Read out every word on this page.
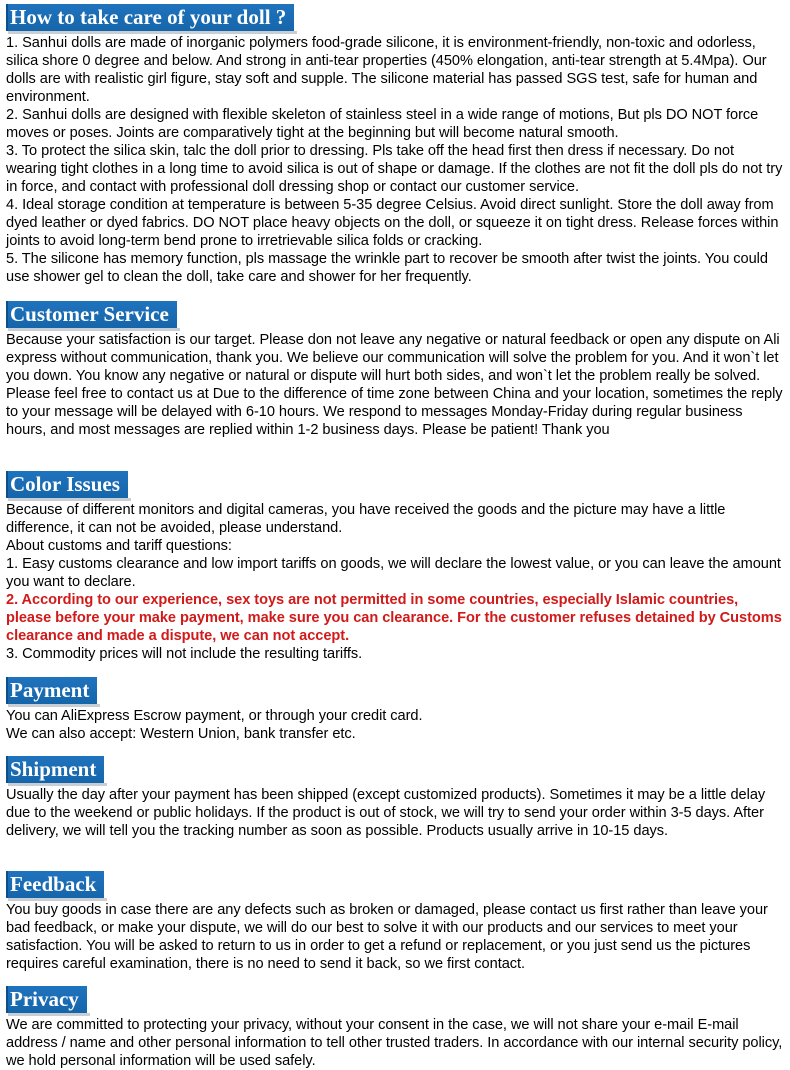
How to take care of your doll ?

1. Sanhui dolls are made of inorganic polymers food-grade silicone, it is environment-friendly, non-toxic and odorless, silica shore 0 degree and below. And strong in anti-tear properties (450% elongation, anti-tear strength at 5.4Mpa). Our dolls are with realistic girl figure, stay soft and supple. The silicone material has passed SGS test, safe for human and environment.

2. Sanhui dolls are designed with flexible skeleton of stainless steel in a wide range of motions, But pls DO NOT force moves or poses. Joints are comparatively tight at the beginning but will become natural smooth.

3. To protect the silica skin, talc the doll prior to dressing. Pls take off the head first then dress if necessary. Do not wearing tight clothes in a long time to avoid silica is out of shape or damage. If the clothes are not fit the doll pls do not try in force, and contact with professional doll dressing shop or contact our customer service.

4. Ideal storage condition at temperature is between 5-35 degree Celsius. Avoid direct sunlight. Store the doll away from dyed leather or dyed fabrics. DO NOT place heavy objects on the doll, or squeeze it on tight dress. Release forces within joints to avoid long-term bend prone to irretrievable silica folds or cracking.

5. The silicone has memory function, pls massage the wrinkle part to recover be smooth after twist the joints. You could use shower gel to clean the doll, take care and shower for her frequently.

Customer Service

Because your satisfaction is our target. Please don not leave any negative or natural feedback or open any dispute on Ali express without communication, thank you. We believe our communication will solve the problem for you. And it won`t let you down. You know any negative or natural or dispute will hurt both sides, and won`t let the problem really be solved. Please feel free to contact us at Due to the difference of time zone between China and your location, sometimes the reply to your message will be delayed with 6-10 hours. We respond to messages Monday-Friday during regular business hours, and most messages are replied within 1-2 business days. Please be patient! Thank you

Color Issues

Because of different monitors and digital cameras, you have received the goods and the picture may have a little difference, it can not be avoided, please understand.

About customs and tariff questions:

1. Easy customs clearance and low import tariffs on goods, we will declare the lowest value, or you can leave the amount you want to declare.

2. According to our experience, sex toys are not permitted in some countries, especially Islamic countries, please before your make payment, make sure you can clearance. For the customer refuses detained by Customs clearance and made a dispute, we can not accept.

3. Commodity prices will not include the resulting tariffs.

Payment

You can AliExpress Escrow payment, or through your credit card.

We can also accept: Western Union, bank transfer etc.

Shipment

Usually the day after your payment has been shipped (except customized products). Sometimes it may be a little delay due to the weekend or public holidays. If the product is out of stock, we will try to send your order within 3-5 days. After delivery, we will tell you the tracking number as soon as possible. Products usually arrive in 10-15 days.

Feedback

You buy goods in case there are any defects such as broken or damaged, please contact us first rather than leave your bad feedback, or make your dispute, we will do our best to solve it with our products and our services to meet your satisfaction. You will be asked to return to us in order to get a refund or replacement, or you just send us the pictures requires careful examination, there is no need to send it back, so we first contact.

Privacy

We are committed to protecting your privacy, without your consent in the case, we will not share your e-mail E-mail address / name and other personal information to tell other trusted traders. In accordance with our internal security policy, we hold personal information will be used safely.
